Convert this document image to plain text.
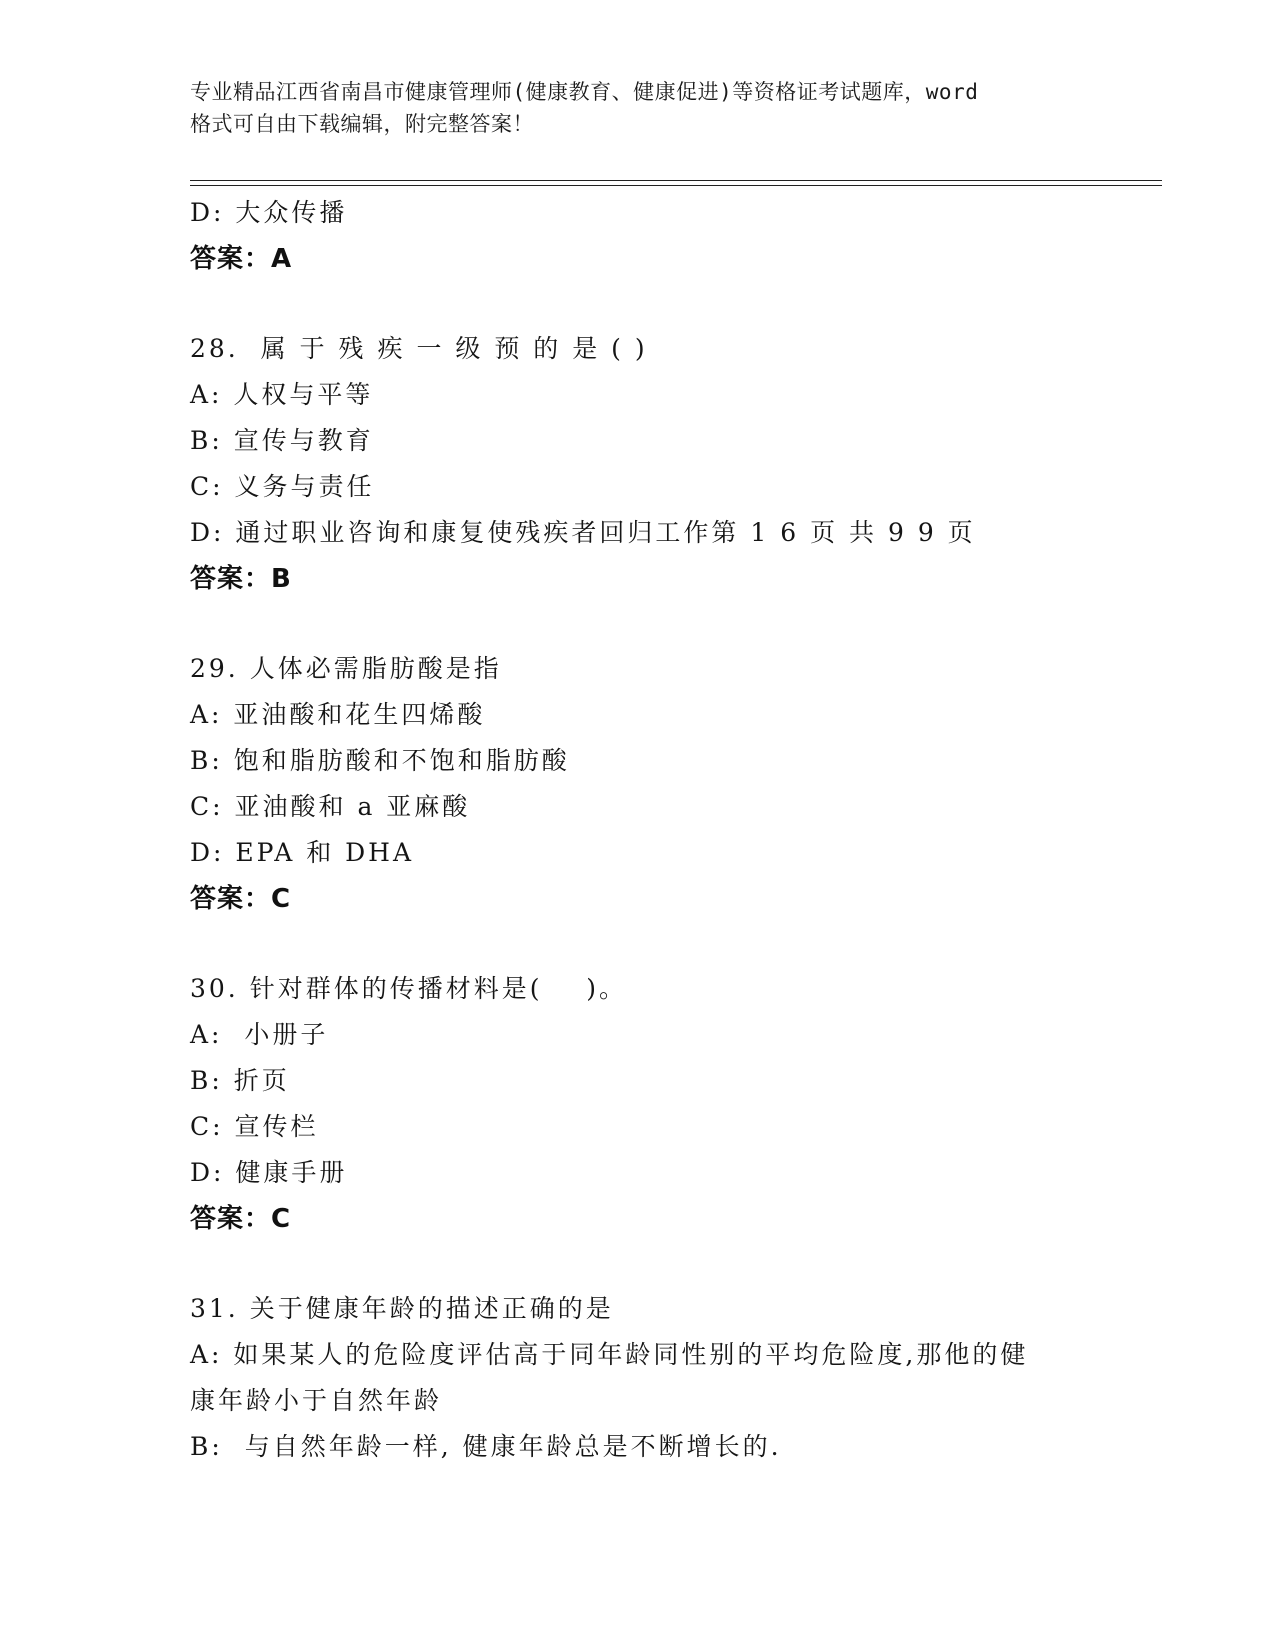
专业精品江西省南昌市健康管理师(健康教育、健康促进)等资格证考试题库，word
格式可自由下载编辑，附完整答案！
D: 大众传播
答案：A
28.  属 于 残 疾 一 级 预 的 是 ( )
A: 人权与平等
B: 宣传与教育
C: 义务与责任
D: 通过职业咨询和康复使残疾者回归工作第 1 6 页 共 9 9 页
答案：B
29. 人体必需脂肪酸是指
A: 亚油酸和花生四烯酸
B: 饱和脂肪酸和不饱和脂肪酸
C: 亚油酸和 a 亚麻酸
D: EPA 和 DHA
答案：C
30. 针对群体的传播材料是(    )。
A:  小册子
B: 折页
C: 宣传栏
D: 健康手册
答案：C
31. 关于健康年龄的描述正确的是
A: 如果某人的危险度评估高于同年龄同性别的平均危险度,那他的健
康年龄小于自然年龄
B:  与自然年龄一样, 健康年龄总是不断增长的.
